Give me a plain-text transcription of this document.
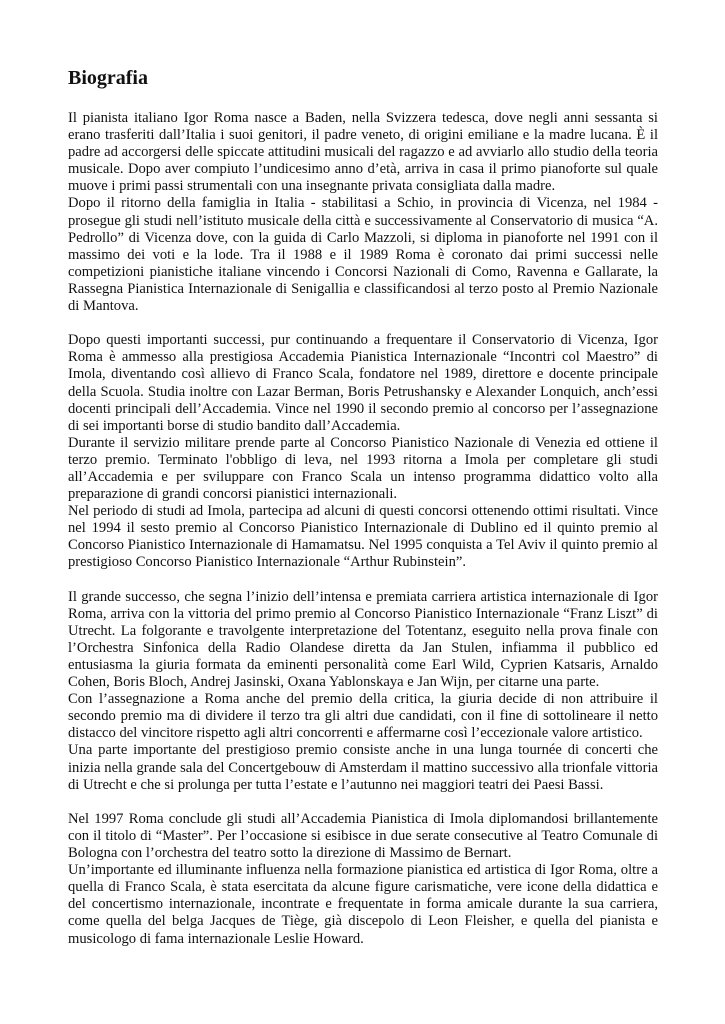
Biografia

Il pianista italiano Igor Roma nasce a Baden, nella Svizzera tedesca, dove negli anni sessanta si erano trasferiti dall’Italia i suoi genitori, il padre veneto, di origini emiliane e la madre lucana. È il padre ad accorgersi delle spiccate attitudini musicali del ragazzo e ad avviarlo allo studio della teoria musicale. Dopo aver compiuto l’undicesimo anno d’età, arriva in casa il primo pianoforte sul quale muove i primi passi strumentali con una insegnante privata consigliata dalla madre.

Dopo il ritorno della famiglia in Italia - stabilitasi a Schio, in provincia di Vicenza, nel 1984 - prosegue gli studi nell’istituto musicale della città e successivamente al Conservatorio di musica “A. Pedrollo” di Vicenza dove, con la guida di Carlo Mazzoli, si diploma in pianoforte nel 1991 con il massimo dei voti e la lode. Tra il 1988 e il 1989 Roma è coronato dai primi successi nelle competizioni pianistiche italiane vincendo i Concorsi Nazionali di Como, Ravenna e Gallarate, la Rassegna Pianistica Internazionale di Senigallia e classificandosi al terzo posto al Premio Nazionale di Mantova.

Dopo questi importanti successi, pur continuando a frequentare il Conservatorio di Vicenza, Igor Roma è ammesso alla prestigiosa Accademia Pianistica Internazionale “Incontri col Maestro” di Imola, diventando così allievo di Franco Scala, fondatore nel 1989, direttore e docente principale della Scuola. Studia inoltre con Lazar Berman, Boris Petrushansky e Alexander Lonquich, anch’essi docenti principali dell’Accademia. Vince nel 1990 il secondo premio al concorso per l’assegnazione di sei importanti borse di studio bandito dall’Accademia.

Durante il servizio militare prende parte al Concorso Pianistico Nazionale di Venezia ed ottiene il terzo premio. Terminato l'obbligo di leva, nel 1993 ritorna a Imola per completare gli studi all’Accademia e per sviluppare con Franco Scala un intenso programma didattico volto alla preparazione di grandi concorsi pianistici internazionali.

Nel periodo di studi ad Imola, partecipa ad alcuni di questi concorsi ottenendo ottimi risultati. Vince nel 1994 il sesto premio al Concorso Pianistico Internazionale di Dublino ed il quinto premio al Concorso Pianistico Internazionale di Hamamatsu. Nel 1995 conquista a Tel Aviv il quinto premio al prestigioso Concorso Pianistico Internazionale “Arthur Rubinstein”.

Il grande successo, che segna l’inizio dell’intensa e premiata carriera artistica internazionale di Igor Roma, arriva con la vittoria del primo premio al Concorso Pianistico Internazionale “Franz Liszt” di Utrecht. La folgorante e travolgente interpretazione del Totentanz, eseguito nella prova finale con l’Orchestra Sinfonica della Radio Olandese diretta da Jan Stulen, infiamma il pubblico ed entusiasma la giuria formata da eminenti personalità come Earl Wild, Cyprien Katsaris, Arnaldo Cohen, Boris Bloch, Andrej Jasinski, Oxana Yablonskaya e Jan Wijn, per citarne una parte.

Con l’assegnazione a Roma anche del premio della critica, la giuria decide di non attribuire il secondo premio ma di dividere il terzo tra gli altri due candidati, con il fine di sottolineare il netto distacco del vincitore rispetto agli altri concorrenti e affermarne così l’eccezionale valore artistico.

Una parte importante del prestigioso premio consiste anche in una lunga tournée di concerti che inizia nella grande sala del Concertgebouw di Amsterdam il mattino successivo alla trionfale vittoria di Utrecht e che si prolunga per tutta l’estate e l’autunno nei maggiori teatri dei Paesi Bassi.

Nel 1997 Roma conclude gli studi all’Accademia Pianistica di Imola diplomandosi brillantemente con il titolo di “Master”. Per l’occasione si esibisce in due serate consecutive al Teatro Comunale di Bologna con l’orchestra del teatro sotto la direzione di Massimo de Bernart.

Un’importante ed illuminante influenza nella formazione pianistica ed artistica di Igor Roma, oltre a quella di Franco Scala, è stata esercitata da alcune figure carismatiche, vere icone della didattica e del concertismo internazionale, incontrate e frequentate in forma amicale durante la sua carriera, come quella del belga Jacques de Tiège, già discepolo di Leon Fleisher, e quella del pianista e musicologo di fama internazionale Leslie Howard.
